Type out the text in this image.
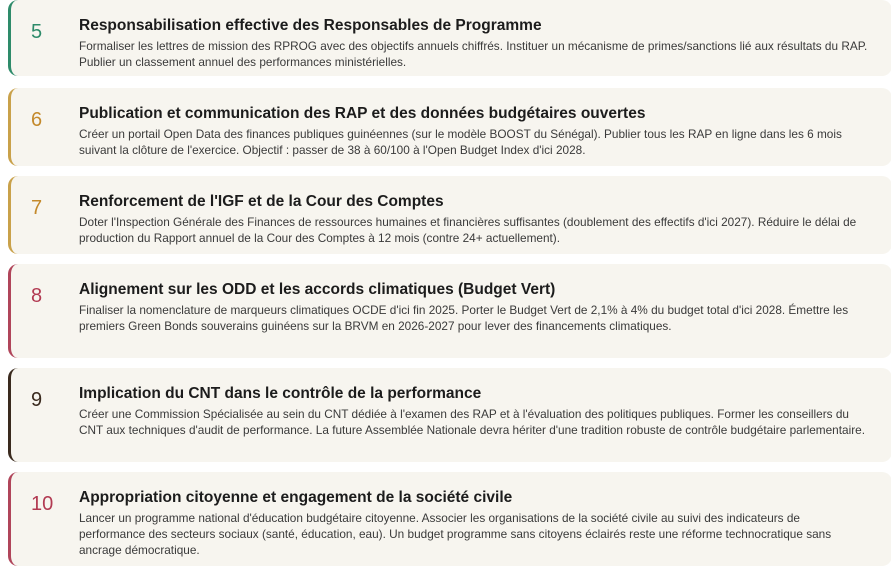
5 Responsabilisation effective des Responsables de Programme
Formaliser les lettres de mission des RPROG avec des objectifs annuels chiffrés. Instituer un mécanisme de primes/sanctions lié aux résultats du RAP. Publier un classement annuel des performances ministérielles.
6 Publication et communication des RAP et des données budgétaires ouvertes
Créer un portail Open Data des finances publiques guinéennes (sur le modèle BOOST du Sénégal). Publier tous les RAP en ligne dans les 6 mois suivant la clôture de l'exercice. Objectif : passer de 38 à 60/100 à l'Open Budget Index d'ici 2028.
7 Renforcement de l'IGF et de la Cour des Comptes
Doter l'Inspection Générale des Finances de ressources humaines et financières suffisantes (doublement des effectifs d'ici 2027). Réduire le délai de production du Rapport annuel de la Cour des Comptes à 12 mois (contre 24+ actuellement).
8 Alignement sur les ODD et les accords climatiques (Budget Vert)
Finaliser la nomenclature de marqueurs climatiques OCDE d'ici fin 2025. Porter le Budget Vert de 2,1% à 4% du budget total d'ici 2028. Émettre les premiers Green Bonds souverains guinéens sur la BRVM en 2026-2027 pour lever des financements climatiques.
9 Implication du CNT dans le contrôle de la performance
Créer une Commission Spécialisée au sein du CNT dédiée à l'examen des RAP et à l'évaluation des politiques publiques. Former les conseillers du CNT aux techniques d'audit de performance. La future Assemblée Nationale devra hériter d'une tradition robuste de contrôle budgétaire parlementaire.
10 Appropriation citoyenne et engagement de la société civile
Lancer un programme national d'éducation budgétaire citoyenne. Associer les organisations de la société civile au suivi des indicateurs de performance des secteurs sociaux (santé, éducation, eau). Un budget programme sans citoyens éclairés reste une réforme technocratique sans ancrage démocratique.
